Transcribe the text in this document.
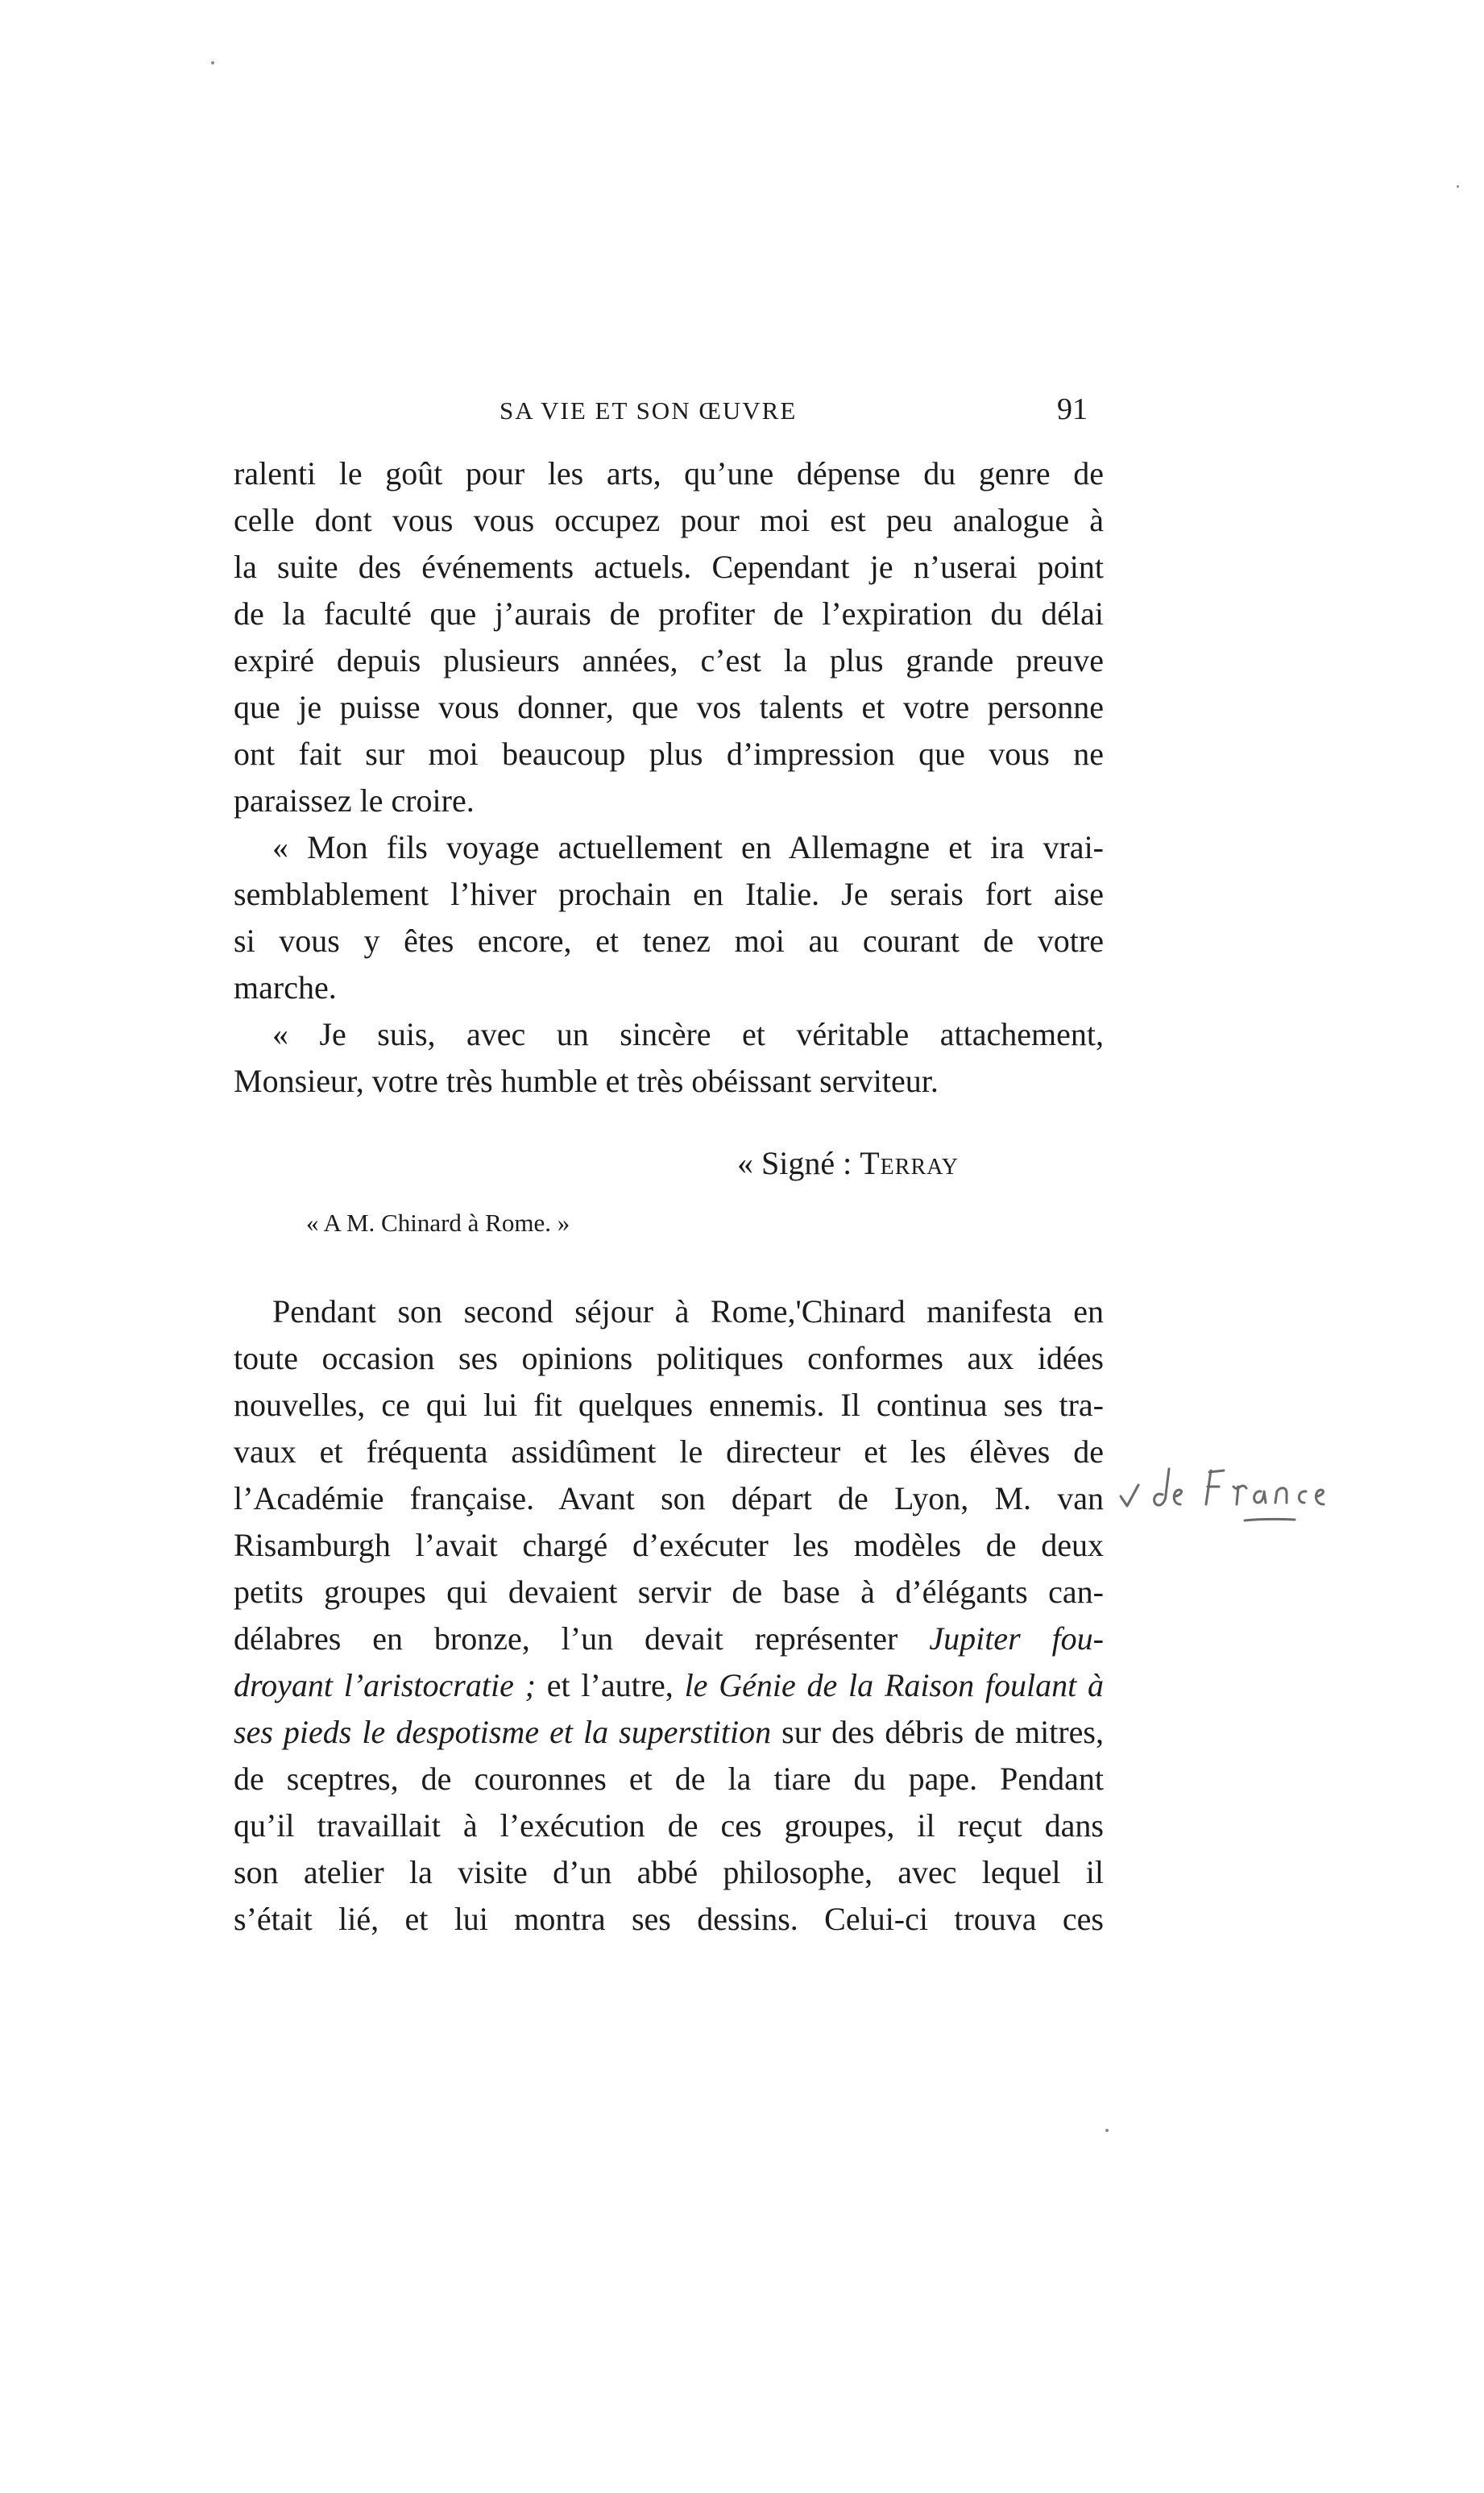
SA VIE ET SON ŒUVRE	91
ralenti le goût pour les arts, qu’une dépense du genre de
celle dont vous vous occupez pour moi est peu analogue à
la suite des événements actuels. Cependant je n’userai point
de la faculté que j’aurais de profiter de l’expiration du délai
expiré depuis plusieurs années, c’est la plus grande preuve
que je puisse vous donner, que vos talents et votre personne
ont fait sur moi beaucoup plus d’impression que vous ne
paraissez le croire.
« Mon fils voyage actuellement en Allemagne et ira vrai-
semblablement l’hiver prochain en Italie. Je serais fort aise
si vous y êtes encore, et tenez moi au courant de votre
marche.
« Je suis, avec un sincère et véritable attachement,
Monsieur, votre très humble et très obéissant serviteur.
« Signé : Terray
« A M. Chinard à Rome. »
Pendant son second séjour à Rome,'Chinard manifesta en
toute occasion ses opinions politiques conformes aux idées
nouvelles, ce qui lui fit quelques ennemis. Il continua ses tra-
vaux et fréquenta assidûment le directeur et les élèves de
l’Académie française. Avant son départ de Lyon, M. van
Risamburgh l’avait chargé d’exécuter les modèles de deux
petits groupes qui devaient servir de base à d’élégants can-
délabres en bronze, l’un devait représenter Jupiter fou-
droyant l’aristocratie ; et l’autre, le Génie de la Raison foulant à
ses pieds le despotisme et la superstition sur des débris de mitres,
de sceptres, de couronnes et de la tiare du pape. Pendant
qu’il travaillait à l’exécution de ces groupes, il reçut dans
son atelier la visite d’un abbé philosophe, avec lequel il
s’était lié, et lui montra ses dessins. Celui-ci trouva ces
